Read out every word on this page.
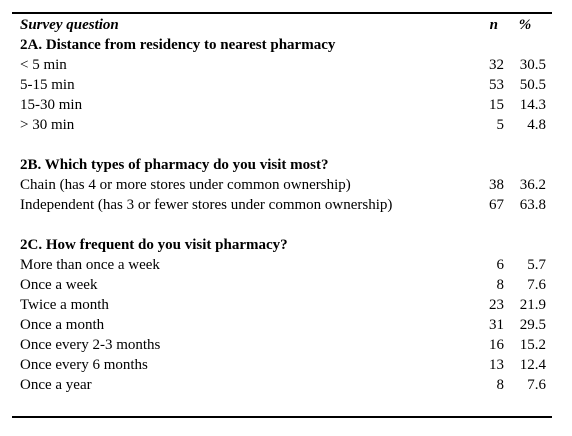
Survey question	n	%
2A. Distance from residency to nearest pharmacy		
< 5 min	32	30.5
5-15 min	53	50.5
15-30 min	15	14.3
> 30 min	5	4.8

2B. Which types of pharmacy do you visit most?		
Chain (has 4 or more stores under common ownership)	38	36.2
Independent (has 3 or fewer stores under common ownership)	67	63.8

2C. How frequent do you visit pharmacy?		
More than once a week	6	5.7
Once a week	8	7.6
Twice a month	23	21.9
Once a month	31	29.5
Once every 2-3 months	16	15.2
Once every 6 months	13	12.4
Once a year	8	7.6
